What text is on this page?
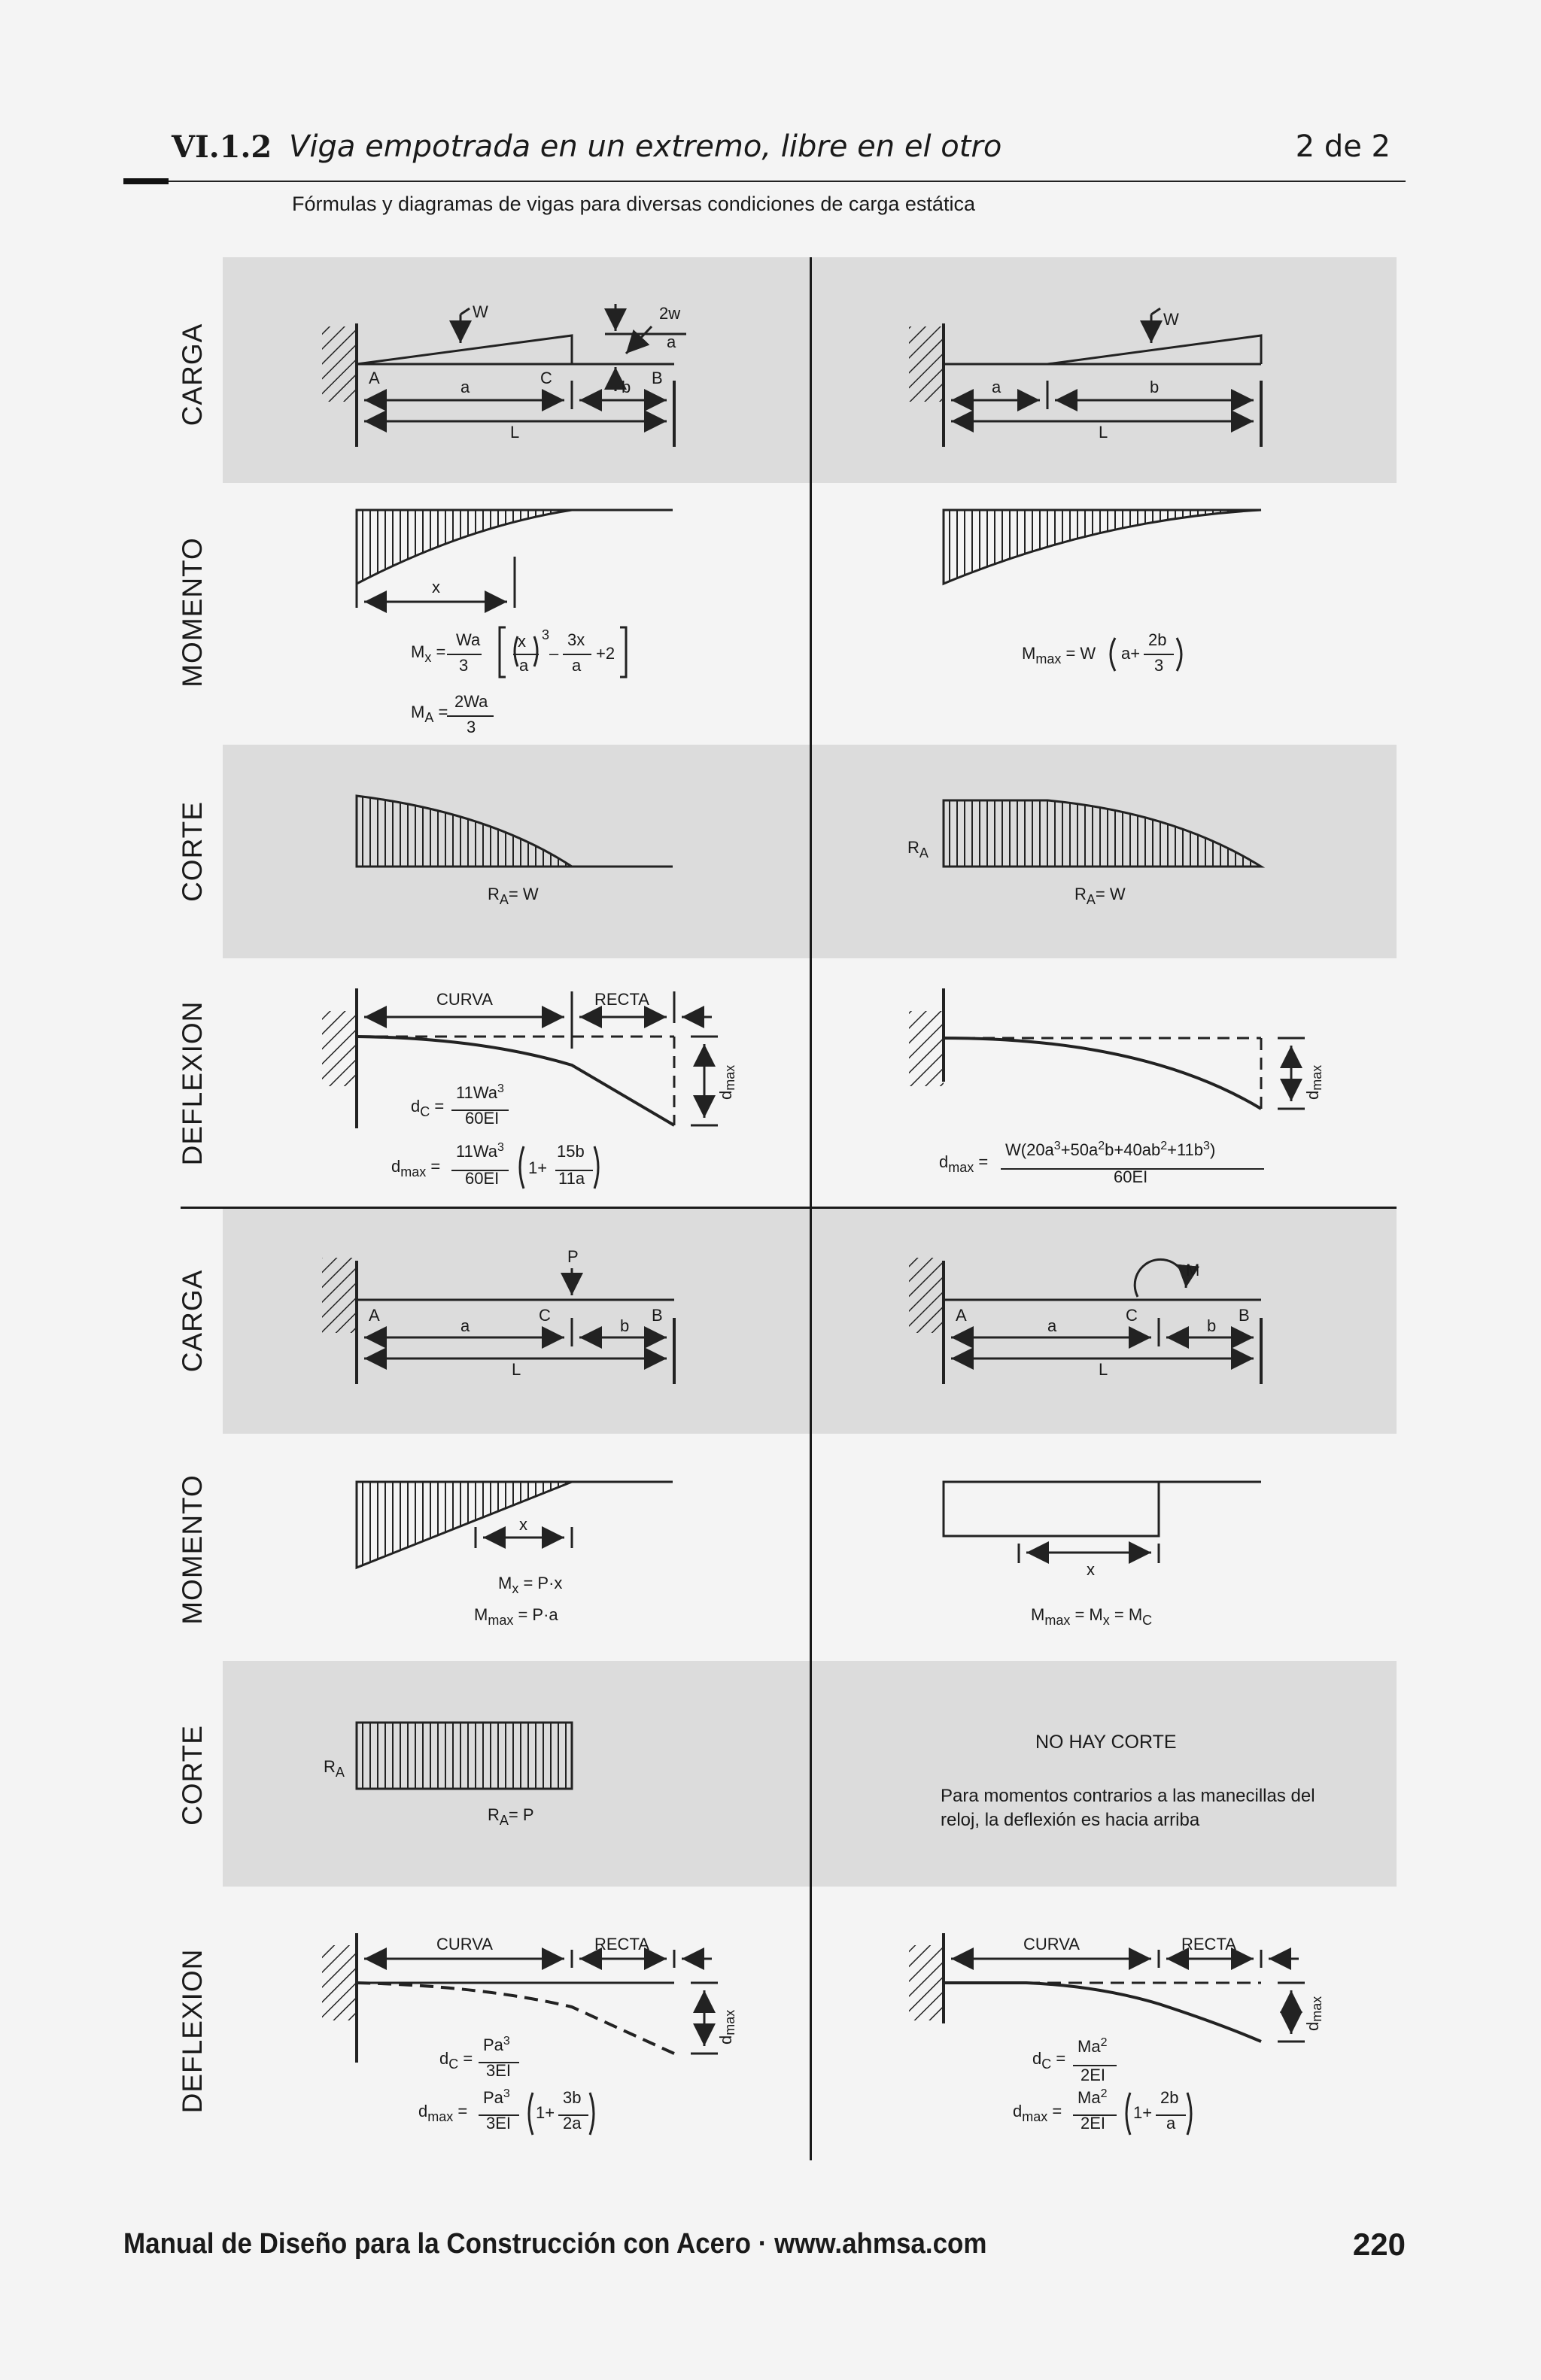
VI.1.2 Viga empotrada en un extremo, libre en el otro	2 de 2
Fórmulas y diagramas de vigas para diversas condiciones de carga estática
CARGA
MOMENTO
CORTE
DEFLEXION
CARGA
MOMENTO
CORTE
DEFLEXION
NO HAY CORTE
Para momentos contrarios a las manecillas del reloj, la deflexión es hacia arriba
W	2w
a
A	C	B
a	b
L
W
a	b
L
x
$M_x$ =
Wa
3
x
a
3
–
3x
a
+2
$M_A$ =
2Wa
3
$M_{max} = W$ a+
2b
3
$R_A= W$
$R_A$
$R_A= W$
CURVA	RECTA
dmax
$d_C$ =
$11Wa^3$
60EI
$d_{max}$ =
$11Wa^3$
60EI
1+
15b
11a
dmax
$d_{max}$ =
$W(20a^3+50a^2b+40ab^2+11b^3)$
60EI
P
A	C	B
a	b
L
M
A	C	B
a	b
L
x
$M_x = P\cdot x$
$M_{max} = P\cdot a$
x
$M_{max} = M_x = M_C$
$R_A$
$R_A= P$
CURVA	RECTA
dmax
$d_C$ =
$Pa^3$
3EI
$d_{max}$ =
$Pa^3$
3EI
1+
3b
2a
CURVA	RECTA
dmax
$d_C$ =
$Ma^2$
2EI
$d_{max}$ =
$Ma^2$
2EI
1+
2b
a
Manual de Diseño para la Construcción con Acero · www.ahmsa.com	220
